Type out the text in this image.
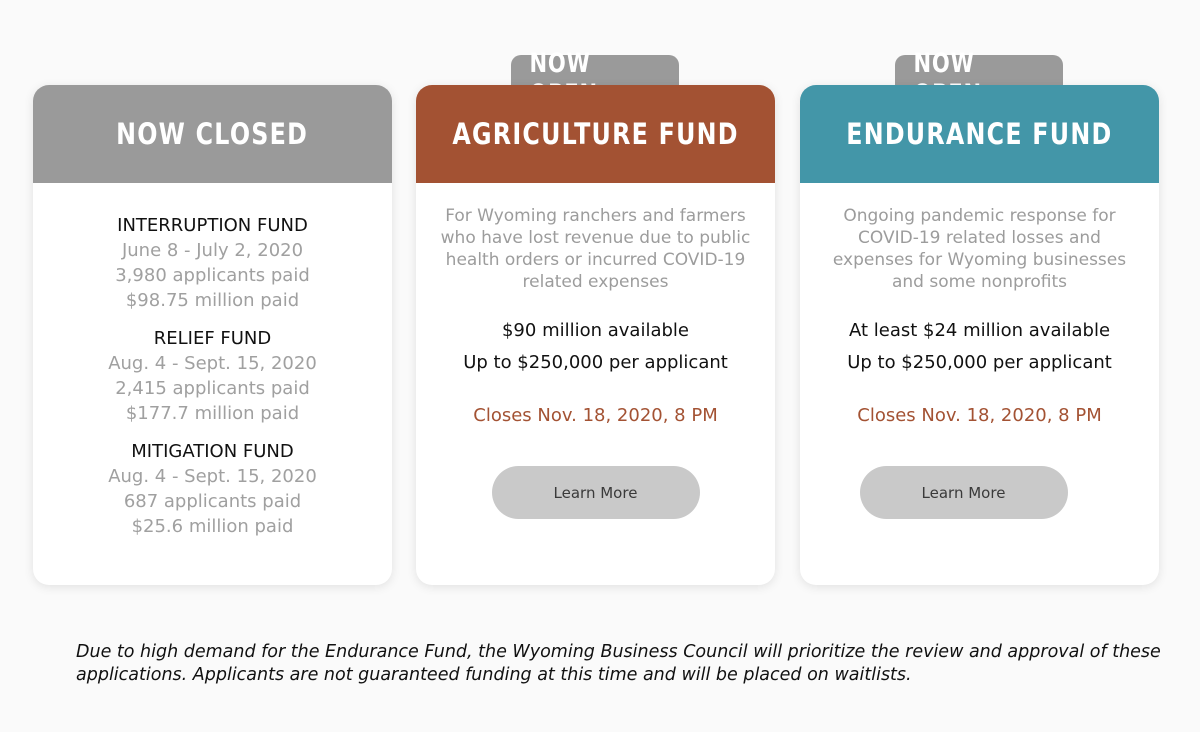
NOW CLOSED
INTERRUPTION FUND
June 8 - July 2, 2020
3,980 applicants paid
$98.75 million paid
RELIEF FUND
Aug. 4 - Sept. 15, 2020
2,415 applicants paid
$177.7 million paid
MITIGATION FUND
Aug. 4 - Sept. 15, 2020
687 applicants paid
$25.6 million paid
NOW
AGRICULTURE FUND
For Wyoming ranchers and farmers who have lost revenue due to public health orders or incurred COVID-19 related expenses
$90 million available
Up to $250,000 per applicant
Closes Nov. 18, 2020, 8 PM
Learn More
NOW
ENDURANCE FUND
Ongoing pandemic response for COVID-19 related losses and expenses for Wyoming businesses and some nonprofits
At least $24 million available
Up to $250,000 per applicant
Closes Nov. 18, 2020, 8 PM
Learn More
Due to high demand for the Endurance Fund, the Wyoming Business Council will prioritize the review and approval of these applications. Applicants are not guaranteed funding at this time and will be placed on waitlists.
